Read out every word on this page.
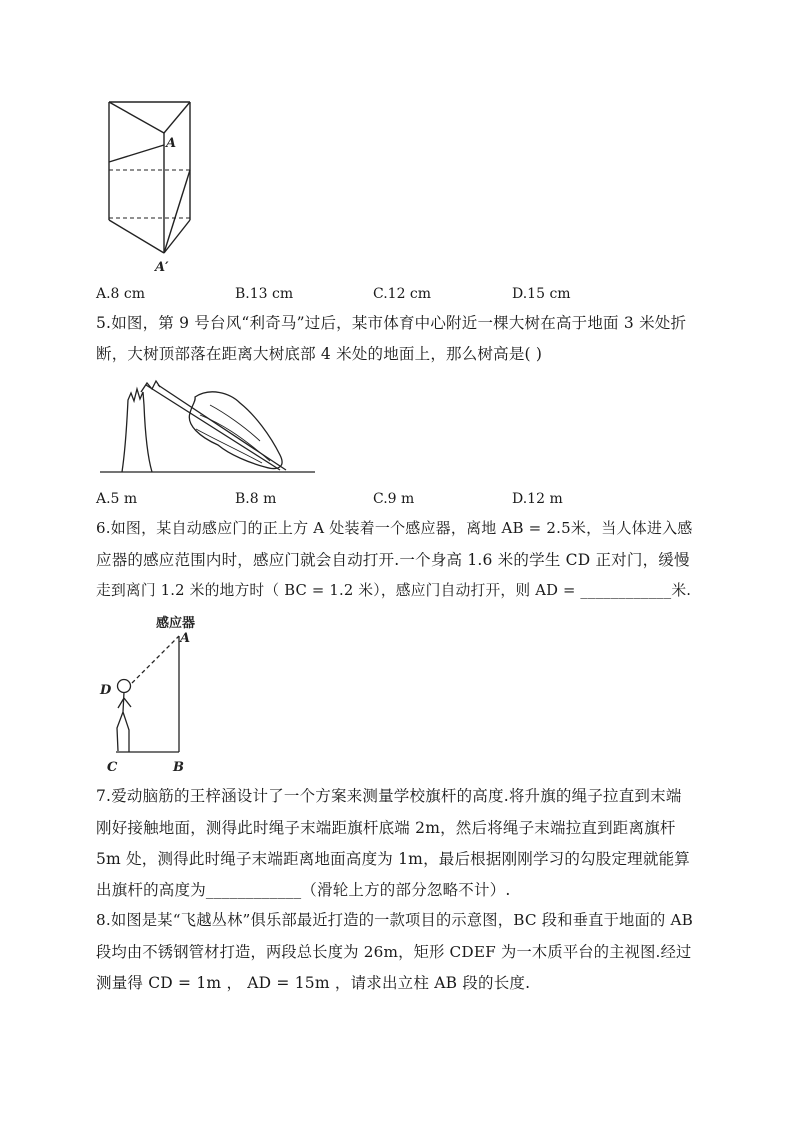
A
A′
A.8 cm	B.13 cm	C.12 cm	D.15 cm
5.如图，第 9 号台风“利奇马”过后，某市体育中心附近一棵大树在高于地面 3 米处折
断，大树顶部落在距离大树底部 4 米处的地面上，那么树高是( )
A.5 m	B.8 m	C.9 m	D.12 m
6.如图，某自动感应门的正上方 A 处装着一个感应器，离地 AB = 2.5米，当人体进入感
应器的感应范围内时，感应门就会自动打开.一个身高 1.6 米的学生 CD 正对门，缓慢
走到离门 1.2 米的地方时（ BC = 1.2 米），感应门自动打开，则 AD = ____________米.
感应器
A
D
C	B
7.爱动脑筋的王梓涵设计了一个方案来测量学校旗杆的高度.将升旗的绳子拉直到末端
刚好接触地面，测得此时绳子末端距旗杆底端 2m，然后将绳子末端拉直到距离旗杆
5m 处，测得此时绳子末端距离地面高度为 1m，最后根据刚刚学习的勾股定理就能算
出旗杆的高度为____________（滑轮上方的部分忽略不计）.
8.如图是某“飞越丛林”俱乐部最近打造的一款项目的示意图，BC 段和垂直于地面的 AB
段均由不锈钢管材打造，两段总长度为 26m，矩形 CDEF 为一木质平台的主视图.经过
测量得 CD = 1m ， AD = 15m ，请求出立柱 AB 段的长度.
